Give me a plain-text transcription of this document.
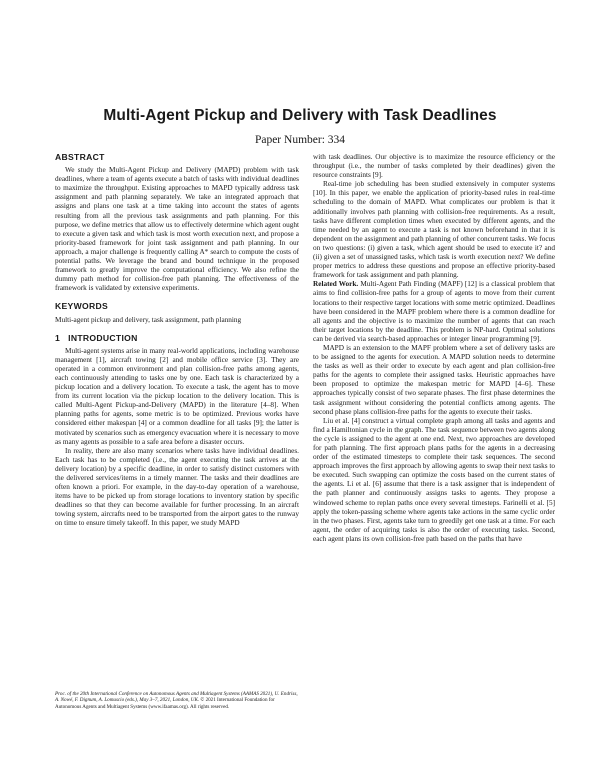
Multi-Agent Pickup and Delivery with Task Deadlines

Paper Number: 334

ABSTRACT

We study the Multi-Agent Pickup and Delivery (MAPD) problem with task deadlines, where a team of agents execute a batch of tasks with individual deadlines to maximize the throughput. Existing approaches to MAPD typically address task assignment and path planning separately. We take an integrated approach that assigns and plans one task at a time taking into account the states of agents resulting from all the previous task assignments and path planning. For this purpose, we define metrics that allow us to effectively determine which agent ought to execute a given task and which task is most worth execution next, and propose a priority-based framework for joint task assignment and path planning. In our approach, a major challenge is frequently calling A* search to compute the costs of potential paths. We leverage the brand and bound technique in the proposed framework to greatly improve the computational efficiency. We also refine the dummy path method for collision-free path planning. The effectiveness of the framework is validated by extensive experiments.

KEYWORDS

Multi-agent pickup and delivery, task assignment, path planning

1   INTRODUCTION

Multi-agent systems arise in many real-world applications, including warehouse management [1], aircraft towing [2] and mobile office service [3]. They are operated in a common environment and plan collision-free paths among agents, each continuously attending to tasks one by one. Each task is characterized by a pickup location and a delivery location. To execute a task, the agent has to move from its current location via the pickup location to the delivery location. This is called Multi-Agent Pickup-and-Delivery (MAPD) in the literature [4–8]. When planning paths for agents, some metric is to be optimized. Previous works have considered either makespan [4] or a common deadline for all tasks [9]; the latter is motivated by scenarios such as emergency evacuation where it is necessary to move as many agents as possible to a safe area before a disaster occurs.

In reality, there are also many scenarios where tasks have individual deadlines. Each task has to be completed (i.e., the agent executing the task arrives at the delivery location) by a specific deadline, in order to satisfy distinct customers with the delivered services/items in a timely manner. The tasks and their deadlines are often known a priori. For example, in the day-to-day operation of a warehouse, items have to be picked up from storage locations to inventory station by specific deadlines so that they can become available for further processing. In an aircraft towing system, aircrafts need to be transported from the airport gates to the runway on time to ensure timely takeoff. In this paper, we study MAPD

Proc. of the 20th International Conference on Autonomous Agents and Multiagent Systems (AAMAS 2021), U. Endriss, A. Nowé, F. Dignum, A. Lomuscio (eds.), May 3–7, 2021, London, UK. © 2021 International Foundation for Autonomous Agents and Multiagent Systems (www.ifaamas.org). All rights reserved.

with task deadlines. Our objective is to maximize the resource efficiency or the throughput (i.e., the number of tasks completed by their deadlines) given the resource constraints [9].

Real-time job scheduling has been studied extensively in computer systems [10]. In this paper, we enable the application of priority-based rules in real-time scheduling to the domain of MAPD. What complicates our problem is that it additionally involves path planning with collision-free requirements. As a result, tasks have different completion times when executed by different agents, and the time needed by an agent to execute a task is not known beforehand in that it is dependent on the assignment and path planning of other concurrent tasks. We focus on two questions: (i) given a task, which agent should be used to execute it? and (ii) given a set of unassigned tasks, which task is worth execution next? We define proper metrics to address these questions and propose an effective priority-based framework for task assignment and path planning.

Related Work. Multi-Agent Path Finding (MAPF) [12] is a classical problem that aims to find collision-free paths for a group of agents to move from their current locations to their respective target locations with some metric optimized. Deadlines have been considered in the MAPF problem where there is a common deadline for all agents and the objective is to maximize the number of agents that can reach their target locations by the deadline. This problem is NP-hard. Optimal solutions can be derived via search-based approaches or integer linear programming [9].

MAPD is an extension to the MAPF problem where a set of delivery tasks are to be assigned to the agents for execution. A MAPD solution needs to determine the tasks as well as their order to execute by each agent and plan collision-free paths for the agents to complete their assigned tasks. Heuristic approaches have been proposed to optimize the makespan metric for MAPD [4–6]. These approaches typically consist of two separate phases. The first phase determines the task assignment without considering the potential conflicts among agents. The second phase plans collision-free paths for the agents to execute their tasks.

Liu et al. [4] construct a virtual complete graph among all tasks and agents and find a Hamiltonian cycle in the graph. The task sequence between two agents along the cycle is assigned to the agent at one end. Next, two approaches are developed for path planning. The first approach plans paths for the agents in a decreasing order of the estimated timesteps to complete their task sequences. The second approach improves the first approach by allowing agents to swap their next tasks to be executed. Such swapping can optimize the costs based on the current states of the agents. Li et al. [6] assume that there is a task assigner that is independent of the path planner and continuously assigns tasks to agents. They propose a windowed scheme to replan paths once every several timesteps. Farinelli et al. [5] apply the token-passing scheme where agents take actions in the same cyclic order in the two phases. First, agents take turn to greedily get one task at a time. For each agent, the order of acquiring tasks is also the order of executing tasks. Second, each agent plans its own collision-free path based on the paths that have
